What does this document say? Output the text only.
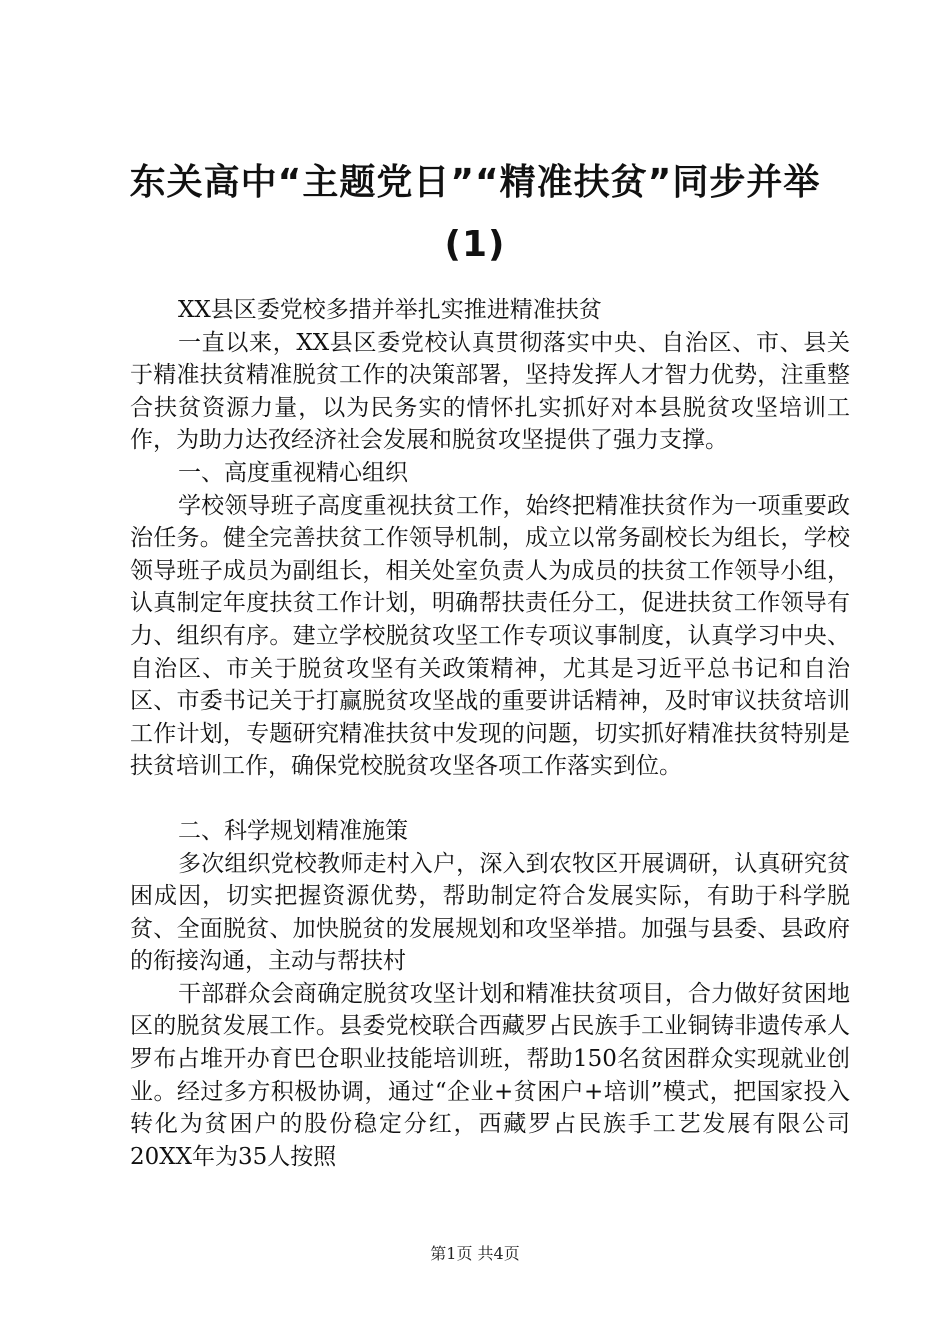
东关高中“主题党日”“精准扶贫”同步并举
(1)

XX县区委党校多措并举扎实推进精准扶贫

一直以来，XX县区委党校认真贯彻落实中央、自治区、市、县关于精准扶贫精准脱贫工作的决策部署，坚持发挥人才智力优势，注重整合扶贫资源力量，以为民务实的情怀扎实抓好对本县脱贫攻坚培训工作，为助力达孜经济社会发展和脱贫攻坚提供了强力支撑。

一、高度重视精心组织

学校领导班子高度重视扶贫工作，始终把精准扶贫作为一项重要政治任务。健全完善扶贫工作领导机制，成立以常务副校长为组长，学校领导班子成员为副组长，相关处室负责人为成员的扶贫工作领导小组，认真制定年度扶贫工作计划，明确帮扶责任分工，促进扶贫工作领导有力、组织有序。建立学校脱贫攻坚工作专项议事制度，认真学习中央、自治区、市关于脱贫攻坚有关政策精神，尤其是习近平总书记和自治区、市委书记关于打赢脱贫攻坚战的重要讲话精神，及时审议扶贫培训工作计划，专题研究精准扶贫中发现的问题，切实抓好精准扶贫特别是扶贫培训工作，确保党校脱贫攻坚各项工作落实到位。

二、科学规划精准施策

多次组织党校教师走村入户，深入到农牧区开展调研，认真研究贫困成因，切实把握资源优势，帮助制定符合发展实际，有助于科学脱贫、全面脱贫、加快脱贫的发展规划和攻坚举措。加强与县委、县政府的衔接沟通，主动与帮扶村

干部群众会商确定脱贫攻坚计划和精准扶贫项目，合力做好贫困地区的脱贫发展工作。县委党校联合西藏罗占民族手工业铜铸非遗传承人罗布占堆开办育巴仓职业技能培训班，帮助150名贫困群众实现就业创业。经过多方积极协调，通过“企业+贫困户+培训”模式，把国家投入转化为贫困户的股份稳定分红，西藏罗占民族手工艺发展有限公司20XX年为35人按照

第1页 共4页
